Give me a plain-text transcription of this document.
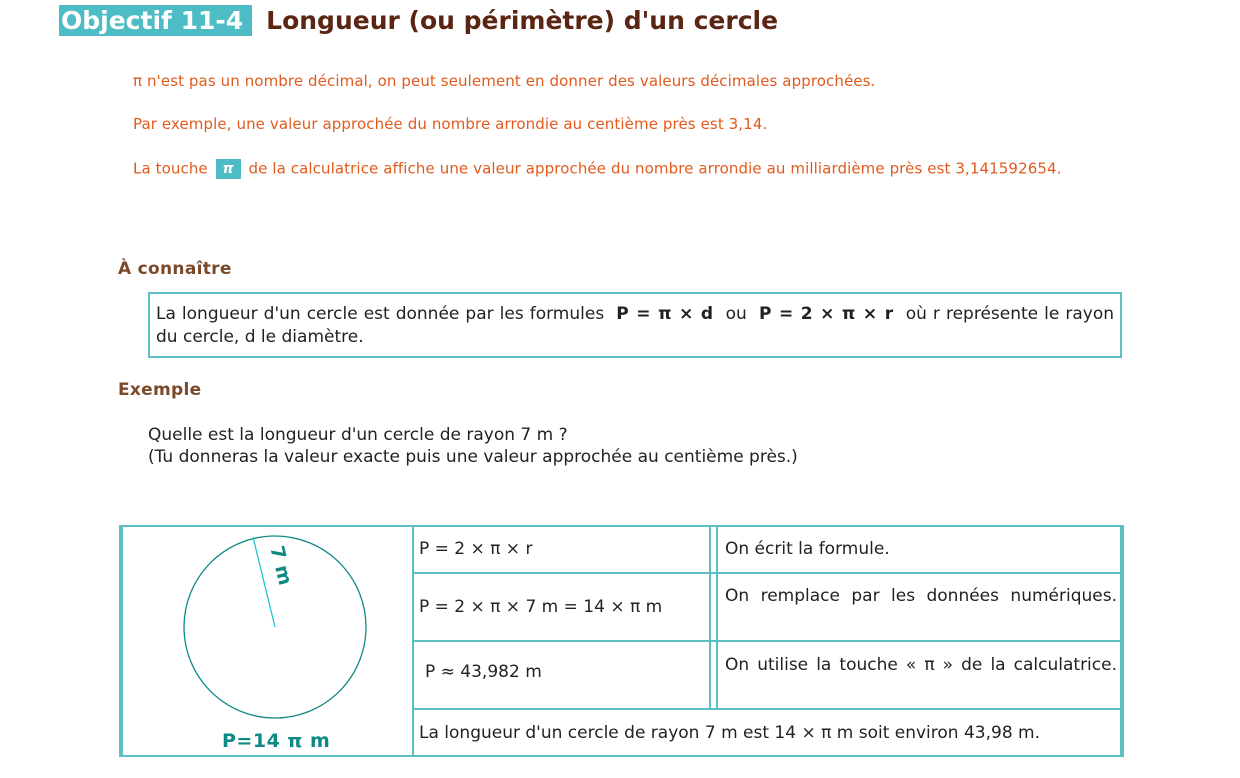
Objectif 11-4 Longueur (ou périmètre) d'un cercle
π n'est pas un nombre décimal, on peut seulement en donner des valeurs décimales approchées.
Par exemple, une valeur approchée du nombre arrondie au centième près est 3,14.
La touche π de la calculatrice affiche une valeur approchée du nombre arrondie au milliardième près est 3,141592654.
À connaître
La longueur d'un cercle est donnée par les formules P = π × d ou P = 2 × π × r où r représente le rayon du cercle, d le diamètre.
Exemple
Quelle est la longueur d'un cercle de rayon 7 m ?
(Tu donneras la valeur exacte puis une valeur approchée au centième près.)
7 m
P=14 π m
P = 2 × π × r	On écrit la formule.
P = 2 × π × 7 m = 14 × π m
On remplace par les données numériques.
P ≈ 43,982 m	On utilise la touche « π » de la calculatrice.
La longueur d'un cercle de rayon 7 m est 14 × π m soit environ 43,98 m.
